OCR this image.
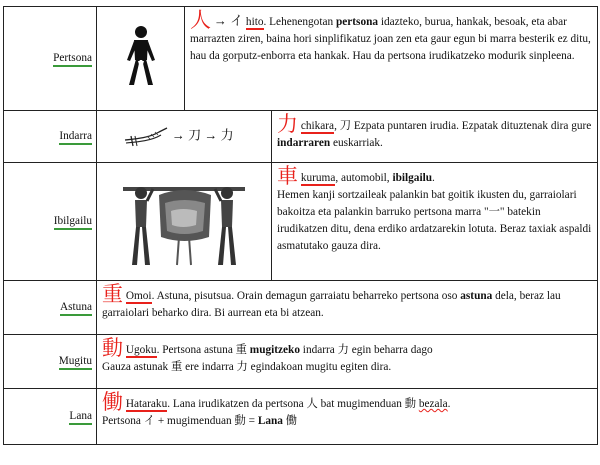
Pertsona		人 → イ hito. Lehenengotan pertsona idazteko, burua, hankak, besoak, eta abar marrazten ziren, baina hori sinplifikatuz joan zen eta gaur egun bi marra besterik ez ditu, hau da gorputz-enborra eta hankak. Hau da pertsona irudikatzeko modurik sinpleena.	
Indarra	→ 刀 → 力		力 chikara, 刀 Ezpata puntaren irudia. Ezpatak dituztenak dira gure indarraren euskarriak.
Ibilgailu			車 kuruma, automobil, ibilgailu.
Hemen kanji sortzaileak palankin bat goitik ikusten du, garraiolari bakoitza eta palankin barruko pertsona marra "一" batekin irudikatzen ditu, dena erdiko ardatzarekin lotuta. Beraz taxiak aspaldi asmatutako gauza dira.
Astuna	重 Omoi. Astuna, pisutsua. Orain demagun garraiatu beharreko pertsona oso astuna dela, beraz lau garraiolari beharko dira. Bi aurrean eta bi atzean.		
Mugitu	動 Ugoku. Pertsona astuna 重 mugitzeko indarra 力 egin beharra dago
Gauza astunak 重 ere indarra 力 egindakoan mugitu egiten dira.		
Lana	働 Hataraku. Lana irudikatzen da pertsona 人 bat mugimenduan 動 bezala.
Pertsona イ + mugimenduan 動 = Lana 働		
